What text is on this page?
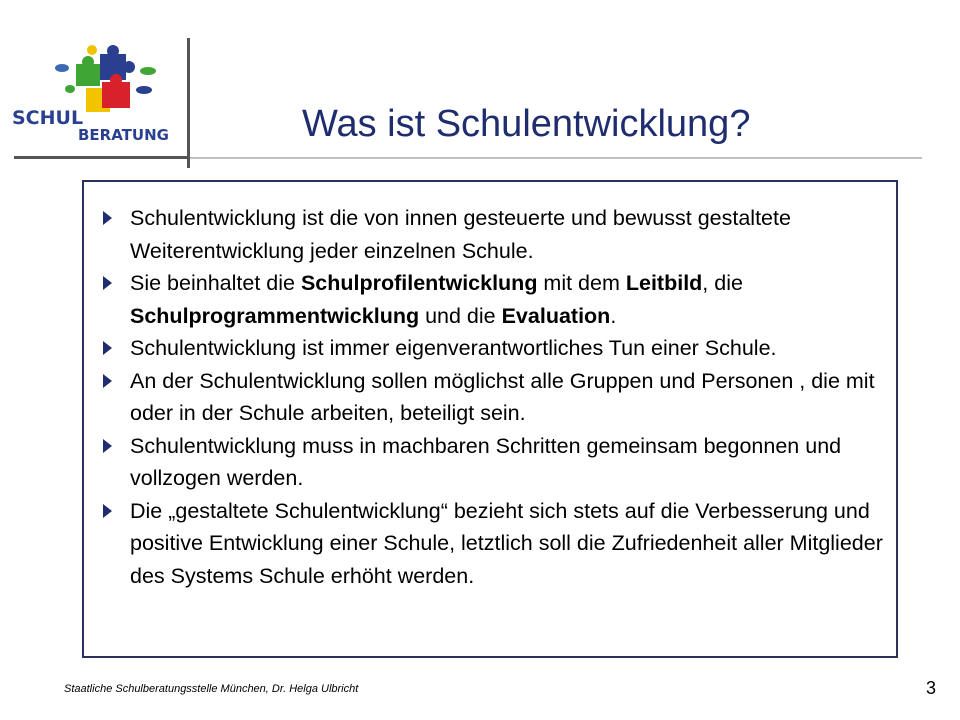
SCHUL
BERATUNG	Was ist Schulentwicklung?
Schulentwicklung ist die von innen gesteuerte und bewusst gestaltete Weiterentwicklung jeder einzelnen Schule.
Sie beinhaltet die Schulprofilentwicklung mit dem Leitbild, die Schulprogrammentwicklung und die Evaluation.
Schulentwicklung ist immer eigenverantwortliches Tun einer Schule.
An der Schulentwicklung sollen möglichst alle Gruppen und Personen , die mit oder in der Schule arbeiten, beteiligt sein.
Schulentwicklung muss in machbaren Schritten gemeinsam begonnen und vollzogen werden.
Die „gestaltete Schulentwicklung“ bezieht sich stets auf die Verbesserung und positive Entwicklung einer Schule, letztlich soll die Zufriedenheit aller Mitglieder des Systems Schule erhöht werden.
Staatliche Schulberatungsstelle München, Dr. Helga Ulbricht	3
